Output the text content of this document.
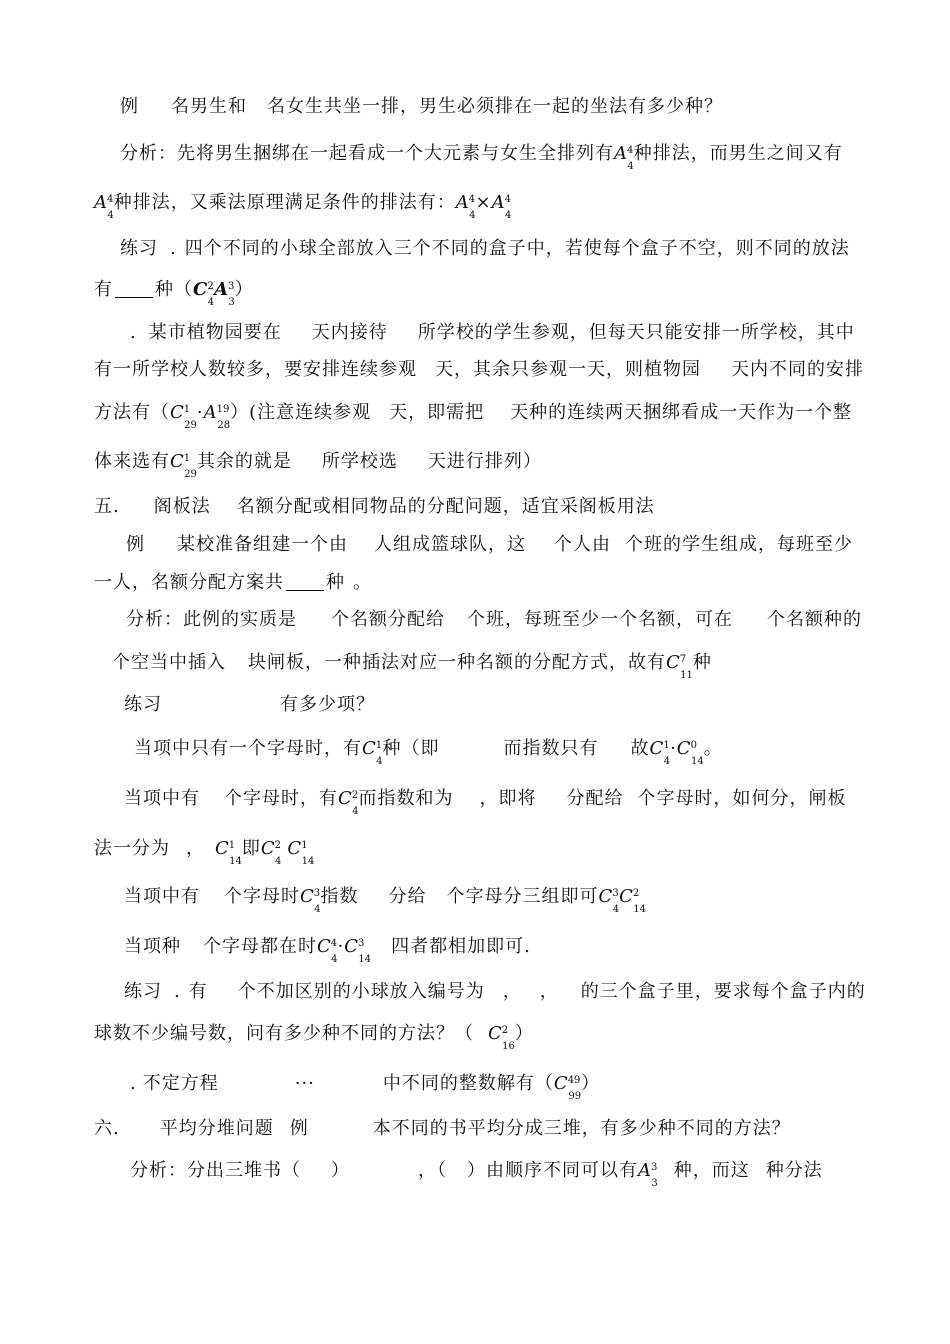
例 名男生和 名女生共坐一排，男生必须排在一起的坐法有多少种？
分析：先将男生捆绑在一起看成一个大元素与女生全排列有$A^4_4$种排法，而男生之间又有
$A^4_4$种排法，又乘法原理满足条件的排法有：$A^4_4\times A^4_4$
练习 . 四个不同的小球全部放入三个不同的盒子中，若使每个盒子不空，则不同的放法
有 种$(C^2_4A^3_3)$
. 某市植物园要在 天内接待 所学校的学生参观，但每天只能安排一所学校，其中
有一所学校人数较多，要安排连续参观 天，其余只参观一天，则植物园 天内不同的安排
方法有$(C^1_{29}\cdot A^{19}_{28})$(注意连续参观 天，即需把 天种的连续两天捆绑看成一天作为一个整
体来选有$C^1_{29}$其余的就是 所学校选 天进行排列）
五. 阁板法 名额分配或相同物品的分配问题，适宜采阁板用法
例 某校准备组建一个由 人组成篮球队，这 个人由 个班的学生组成，每班至少
一人，名额分配方案共 种 。
分析：此例的实质是 个名额分配给 个班，每班至少一个名额，可在 个名额种的
个空当中插入 块闸板，一种插法对应一种名额的分配方式，故有$C^7_{11}$种
练习	有多少项？
当项中只有一个字母时，有$C^1_4$种（即	而指数只有 故$C^1_4\cdot C^0_{14}$。
当项中有 个字母时，有$C^2_4$而指数和为 ，即将 分配给 个字母时，如何分，闸板
法一分为 ， $C^1_{14}$即$C^2_4C^1_{14}$
当项中有 个字母时$C^3_4$指数 分给 个字母分三组即可$C^3_4C^2_{14}$
当项种 个字母都在时$C^4_4\cdot C^3_{14}$四者都相加即可.
练习 . 有 个不加区别的小球放入编号为 ， ， 的三个盒子里，要求每个盒子内的
球数不少编号数，问有多少种不同的方法？（ $C^2_{16}$）
. 不定方程	···	中不同的整数解有$(C^{49}_{99})$
六. 平均分堆问题 例	本不同的书平均分成三堆，有多少种不同的方法？
分析：分出三堆书（ ）	，（ ）由顺序不同可以有$A^3_3$种，而这 种分法
